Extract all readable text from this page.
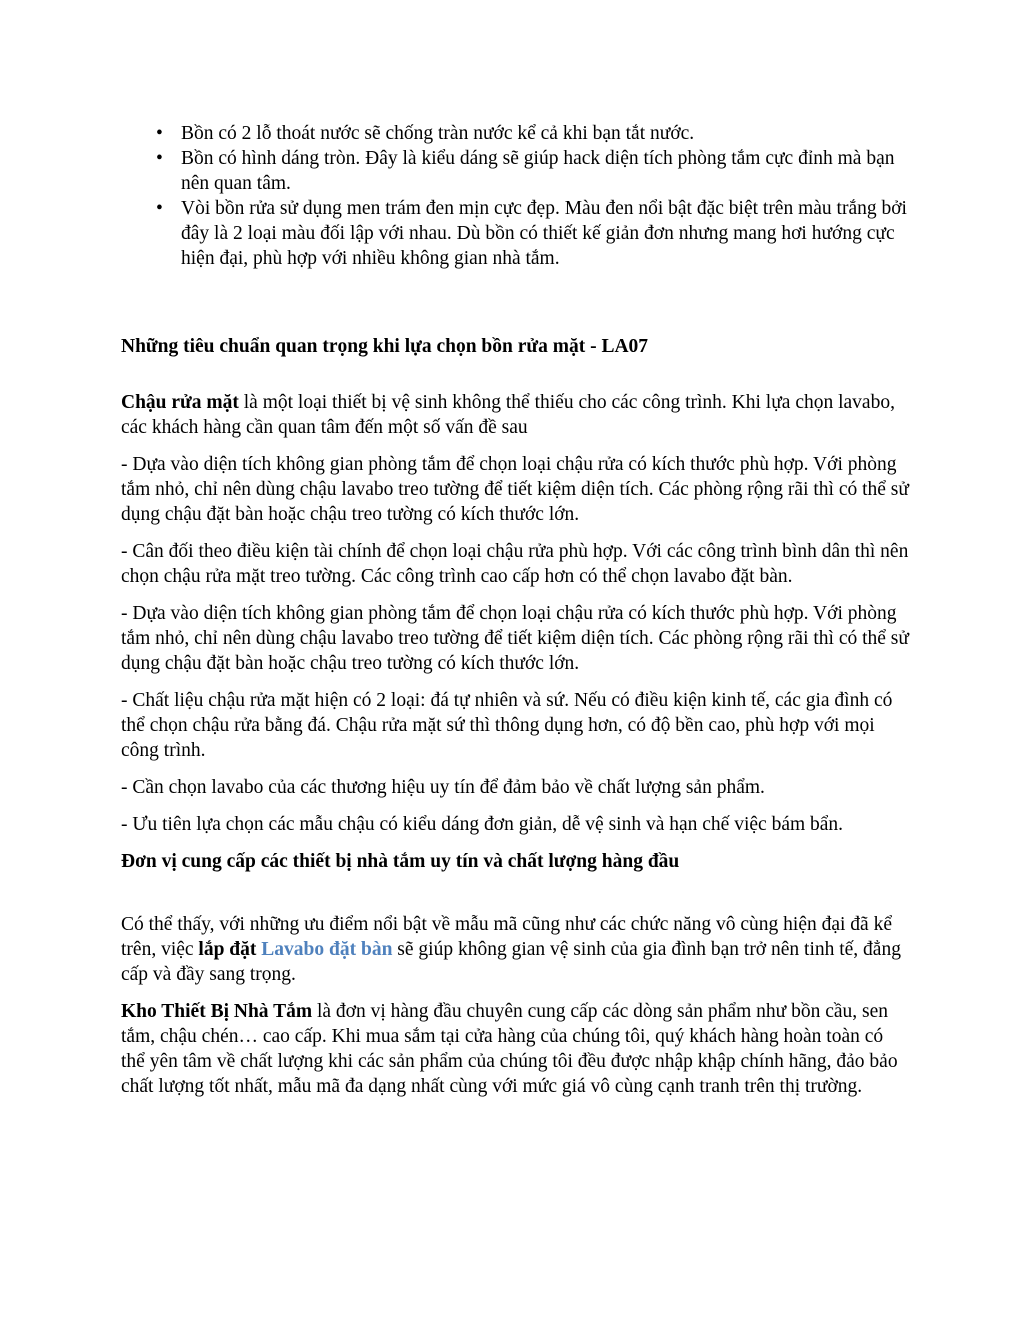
• Bồn có 2 lỗ thoát nước sẽ chống tràn nước kể cả khi bạn tắt nước.
• Bồn có hình dáng tròn. Đây là kiểu dáng sẽ giúp hack diện tích phòng tắm cực đỉnh mà bạn nên quan tâm.
• Vòi bồn rửa sử dụng men trám đen mịn cực đẹp. Màu đen nổi bật đặc biệt trên màu trắng bởi đây là 2 loại màu đối lập với nhau. Dù bồn có thiết kế giản đơn nhưng mang hơi hướng cực hiện đại, phù hợp với nhiều không gian nhà tắm.
Những tiêu chuẩn quan trọng khi lựa chọn bồn rửa mặt - LA07

Chậu rửa mặt là một loại thiết bị vệ sinh không thể thiếu cho các công trình. Khi lựa chọn lavabo, các khách hàng cần quan tâm đến một số vấn đề sau

- Dựa vào diện tích không gian phòng tắm để chọn loại chậu rửa có kích thước phù hợp. Với phòng tắm nhỏ, chỉ nên dùng chậu lavabo treo tường để tiết kiệm diện tích. Các phòng rộng rãi thì có thể sử dụng chậu đặt bàn hoặc chậu treo tường có kích thước lớn.

- Cân đối theo điều kiện tài chính để chọn loại chậu rửa phù hợp. Với các công trình bình dân thì nên chọn chậu rửa mặt treo tường. Các công trình cao cấp hơn có thể chọn lavabo đặt bàn.

- Dựa vào diện tích không gian phòng tắm để chọn loại chậu rửa có kích thước phù hợp. Với phòng tắm nhỏ, chỉ nên dùng chậu lavabo treo tường để tiết kiệm diện tích. Các phòng rộng rãi thì có thể sử dụng chậu đặt bàn hoặc chậu treo tường có kích thước lớn.

- Chất liệu chậu rửa mặt hiện có 2 loại: đá tự nhiên và sứ. Nếu có điều kiện kinh tế, các gia đình có thể chọn chậu rửa bằng đá. Chậu rửa mặt sứ thì thông dụng hơn, có độ bền cao, phù hợp với mọi công trình.

- Cần chọn lavabo của các thương hiệu uy tín để đảm bảo về chất lượng sản phẩm.

- Ưu tiên lựa chọn các mẫu chậu có kiểu dáng đơn giản, dễ vệ sinh và hạn chế việc bám bẩn.

Đơn vị cung cấp các thiết bị nhà tắm uy tín và chất lượng hàng đầu

Có thể thấy, với những ưu điểm nổi bật về mẫu mã cũng như các chức năng vô cùng hiện đại đã kể trên, việc lắp đặt Lavabo đặt bàn sẽ giúp không gian vệ sinh của gia đình bạn trở nên tinh tế, đẳng cấp và đầy sang trọng.

Kho Thiết Bị Nhà Tắm là đơn vị hàng đầu chuyên cung cấp các dòng sản phẩm như bồn cầu, sen tắm, chậu chén… cao cấp. Khi mua sắm tại cửa hàng của chúng tôi, quý khách hàng hoàn toàn có thể yên tâm về chất lượng khi các sản phẩm của chúng tôi đều được nhập khập chính hãng, đảo bảo chất lượng tốt nhất, mẫu mã đa dạng nhất cùng với mức giá vô cùng cạnh tranh trên thị trường.
